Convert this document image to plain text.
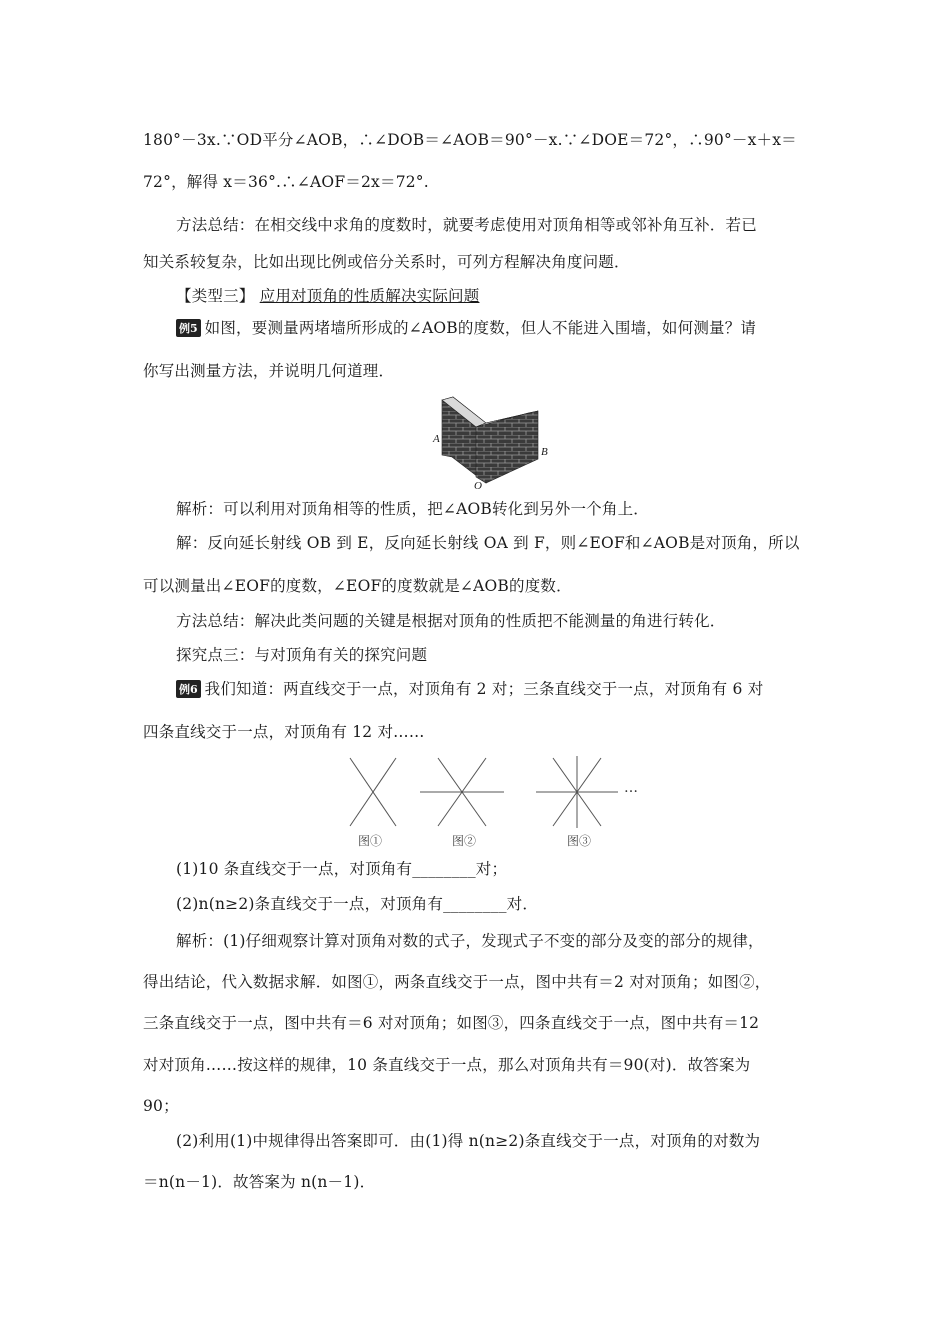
180°－3x.∵OD平分∠AOB，∴∠DOB＝∠AOB＝90°－x.∵∠DOE＝72°，∴90°－x＋x＝
72°，解得 x＝36°.∴∠AOF＝2x＝72°.
方法总结：在相交线中求角的度数时，就要考虑使用对顶角相等或邻补角互补．若已
知关系较复杂，比如出现比例或倍分关系时，可列方程解决角度问题．
【类型三】 应用对顶角的性质解决实际问题
例5 如图，要测量两堵墙所形成的∠AOB的度数，但人不能进入围墙，如何测量？请
你写出测量方法，并说明几何道理．
A
B
O
解析：可以利用对顶角相等的性质，把∠AOB转化到另外一个角上．
解：反向延长射线 OB 到 E，反向延长射线 OA 到 F，则∠EOF和∠AOB是对顶角，所以
可以测量出∠EOF的度数，∠EOF的度数就是∠AOB的度数．
方法总结：解决此类问题的关键是根据对顶角的性质把不能测量的角进行转化．
探究点三：与对顶角有关的探究问题
例6 我们知道：两直线交于一点，对顶角有 2 对；三条直线交于一点，对顶角有 6 对
四条直线交于一点，对顶角有 12 对……
…
图①	图②	图③
(1)10 条直线交于一点，对顶角有________对；
(2)n(n≥2)条直线交于一点，对顶角有________对．
解析：(1)仔细观察计算对顶角对数的式子，发现式子不变的部分及变的部分的规律，
得出结论，代入数据求解．如图①，两条直线交于一点，图中共有＝2 对对顶角；如图②，
三条直线交于一点，图中共有＝6 对对顶角；如图③，四条直线交于一点，图中共有＝12
对对顶角……按这样的规律，10 条直线交于一点，那么对顶角共有＝90(对)．故答案为
90；
(2)利用(1)中规律得出答案即可．由(1)得 n(n≥2)条直线交于一点，对顶角的对数为
＝n(n－1)．故答案为 n(n－1)．
